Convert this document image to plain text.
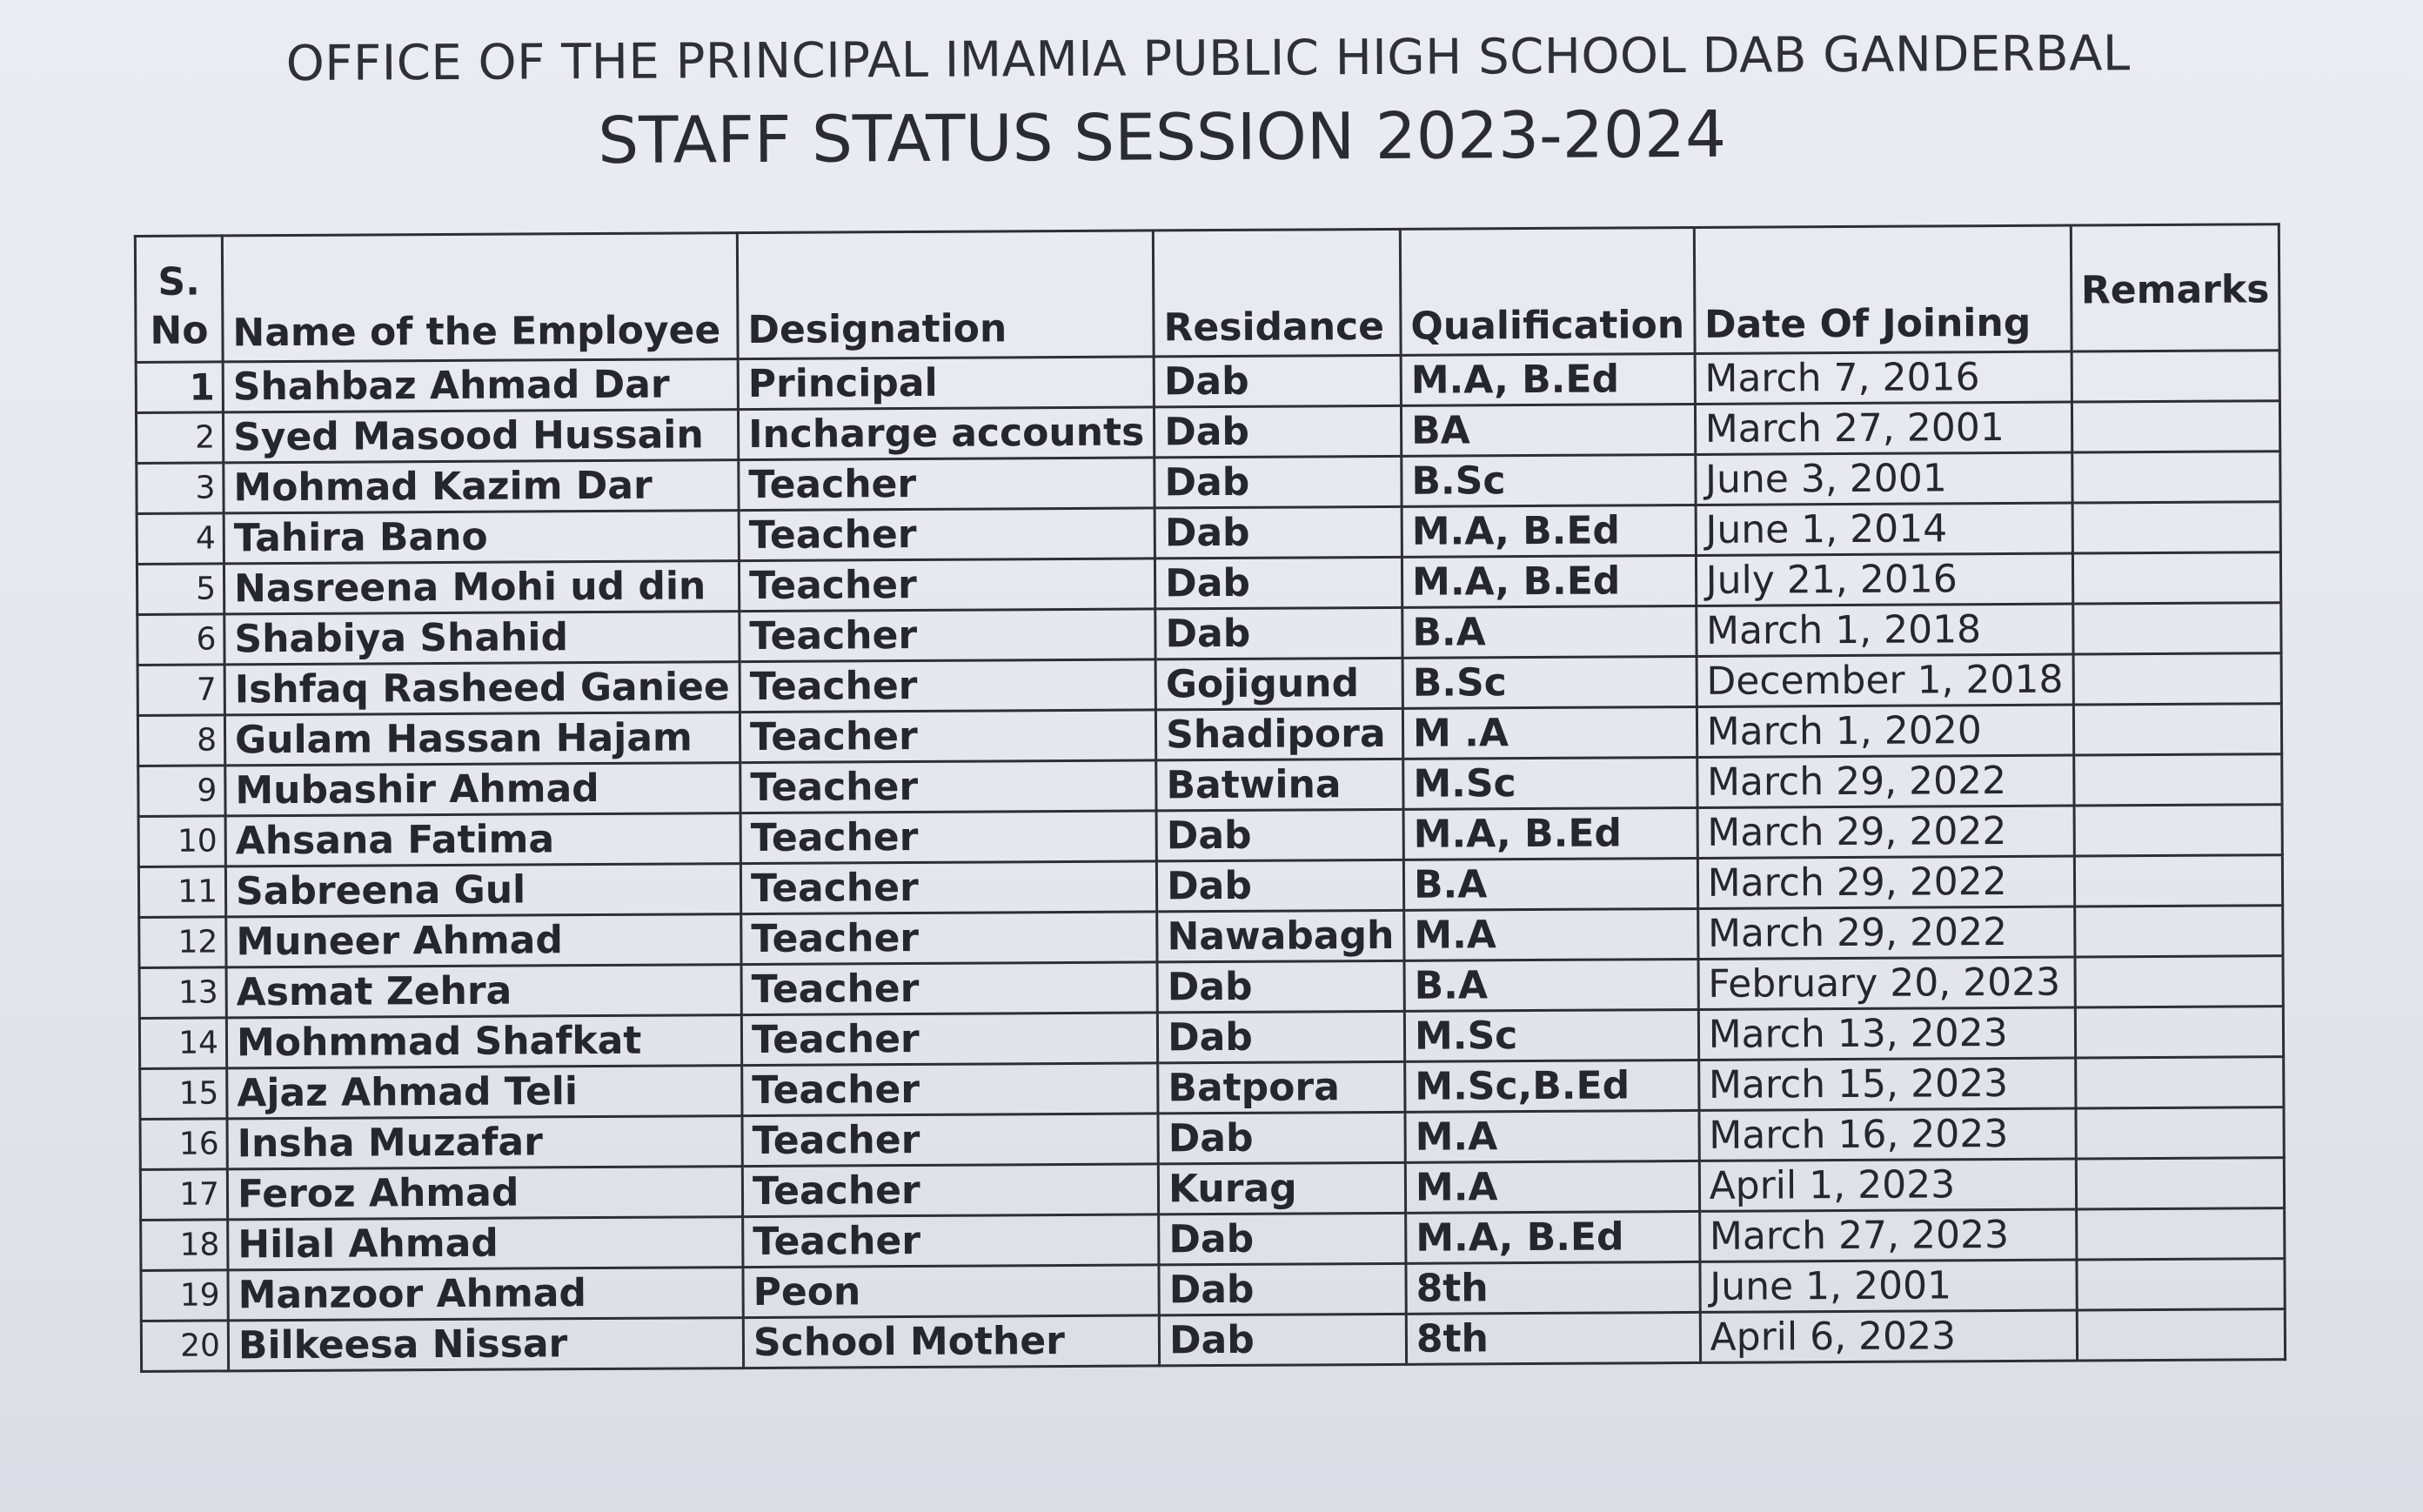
OFFICE OF THE PRINCIPAL IMAMIA PUBLIC HIGH SCHOOL DAB GANDERBAL
STAFF STATUS SESSION 2023-2024
S.
No	Name of the Employee	Designation	Residance	Qualification	Date Of Joining	Remarks
1	Shahbaz Ahmad Dar	Principal	Dab	M.A, B.Ed	March 7, 2016	
2	Syed Masood Hussain	Incharge accounts	Dab	BA	March 27, 2001	
3	Mohmad Kazim Dar	Teacher	Dab	B.Sc	June 3, 2001	
4	Tahira Bano	Teacher	Dab	M.A, B.Ed	June 1, 2014	
5	Nasreena Mohi ud din	Teacher	Dab	M.A, B.Ed	July 21, 2016	
6	Shabiya Shahid	Teacher	Dab	B.A	March 1, 2018	
7	Ishfaq Rasheed Ganiee	Teacher	Gojigund	B.Sc	December 1, 2018	
8	Gulam Hassan Hajam	Teacher	Shadipora	M .A	March 1, 2020	
9	Mubashir Ahmad	Teacher	Batwina	M.Sc	March 29, 2022	
10	Ahsana Fatima	Teacher	Dab	M.A, B.Ed	March 29, 2022	
11	Sabreena Gul	Teacher	Dab	B.A	March 29, 2022	
12	Muneer Ahmad	Teacher	Nawabagh	M.A	March 29, 2022	
13	Asmat Zehra	Teacher	Dab	B.A	February 20, 2023	
14	Mohmmad Shafkat	Teacher	Dab	M.Sc	March 13, 2023	
15	Ajaz Ahmad Teli	Teacher	Batpora	M.Sc,B.Ed	March 15, 2023	
16	Insha Muzafar	Teacher	Dab	M.A	March 16, 2023	
17	Feroz Ahmad	Teacher	Kurag	M.A	April 1, 2023	
18	Hilal Ahmad	Teacher	Dab	M.A, B.Ed	March 27, 2023	
19	Manzoor Ahmad	Peon	Dab	8th	June 1, 2001	
20	Bilkeesa Nissar	School Mother	Dab	8th	April 6, 2023	
